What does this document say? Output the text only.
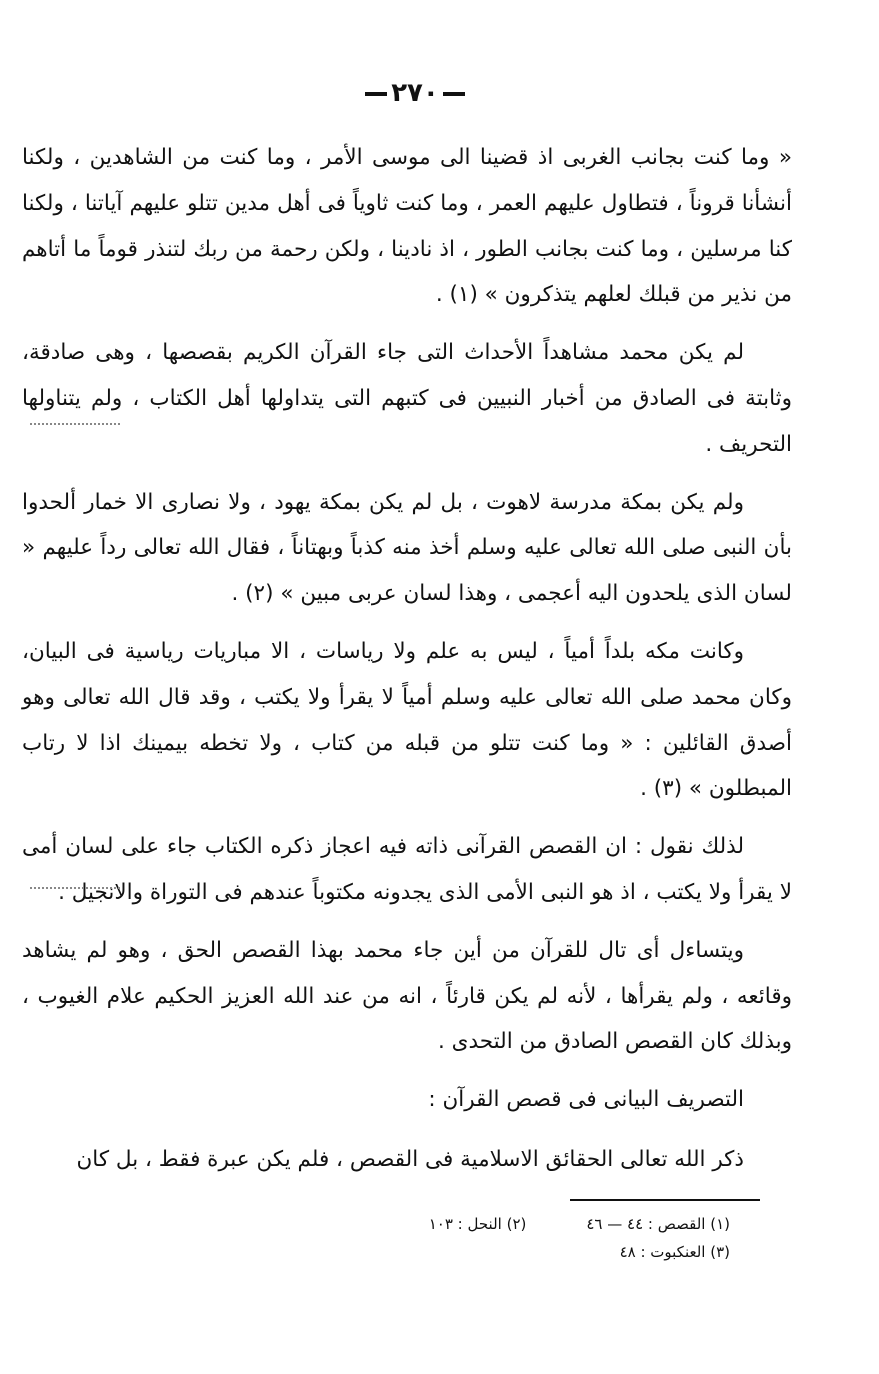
٢٧٠

« وما كنت بجانب الغربى اذ قضينا الى موسى الأمر ، وما كنت من الشاهدين ، ولكنا أنشأنا قروناً ، فتطاول عليهم العمر ، وما كنت ثاوياً فى أهل مدين تتلو عليهم آياتنا ، ولكنا كنا مرسلين ، وما كنت بجانب الطور ، اذ نادينا ، ولكن رحمة من ربك لتنذر قوماً ما أتاهم من نذير من قبلك لعلهم يتذكرون » (١) .

لم يكن محمد مشاهداً الأحداث التى جاء القرآن الكريم بقصصها ، وهى صادقة، وثابتة فى الصادق من أخبار النبيين فى كتبهم التى يتداولها أهل الكتاب ، ولم يتناولها التحريف .

ولم يكن بمكة مدرسة لاهوت ، بل لم يكن بمكة يهود ، ولا نصارى الا خمار ألحدوا بأن النبى صلى الله تعالى عليه وسلم أخذ منه كذباً وبهتاناً ، فقال الله تعالى رداً عليهم « لسان الذى يلحدون اليه أعجمى ، وهذا لسان عربى مبين » (٢) .

وكانت مكه بلداً أمياً ، ليس به علم ولا رياسات ، الا مباريات رياسية فى البيان، وكان محمد صلى الله تعالى عليه وسلم أمياً لا يقرأ ولا يكتب ، وقد قال الله تعالى وهو أصدق القائلين : « وما كنت تتلو من قبله من كتاب ، ولا تخطه بيمينك اذا لا رتاب المبطلون » (٣) .

لذلك نقول : ان القصص القرآنى ذاته فيه اعجاز ذكره الكتاب جاء على لسان أمى لا يقرأ ولا يكتب ، اذ هو النبى الأمى الذى يجدونه مكتوباً عندهم فى التوراة والانجيل .

ويتساءل أى تال للقرآن من أين جاء محمد بهذا القصص الحق ، وهو لم يشاهد وقائعه ، ولم يقرأها ، لأنه لم يكن قارئاً ، انه من عند الله العزيز الحكيم علام الغيوب ، وبذلك كان القصص الصادق من التحدى .

التصريف البيانى فى قصص القرآن :

ذكر الله تعالى الحقائق الاسلامية فى القصص ، فلم يكن عبرة فقط ، بل كان

(١) القصص : ٤٤ — ٤٦
(٢) النحل : ١٠٣
(٣) العنكبوت : ٤٨
